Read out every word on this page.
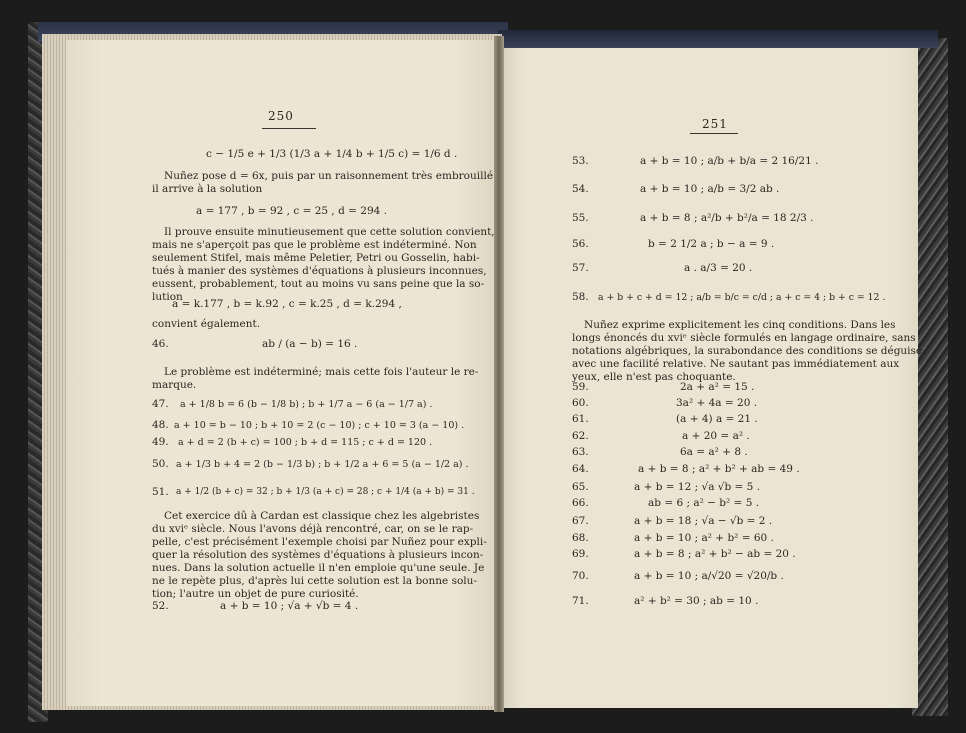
250
c − 1/5 e + 1/3 (1/3 a + 1/4 b + 1/5 c) = 1/6 d .
Nuñez pose d = 6x, puis par un raisonnement très embrouillé
il arrive à la solution
a = 177 , b = 92 , c = 25 , d = 294 .
Il prouve ensuite minutieusement que cette solution convient,
mais ne s'aperçoit pas que le problème est indéterminé. Non
seulement Stifel, mais même Peletier, Petri ou Gosselin, habi-
tués à manier des systèmes d'équations à plusieurs inconnues,
eussent, probablement, tout au moins vu sans peine que la so-
lution
a = k.177 , b = k.92 , c = k.25 , d = k.294 ,
convient également.
46.	ab / (a − b) = 16 .
Le problème est indéterminé; mais cette fois l'auteur le re-
marque.
47. a + 1/8 b = 6 (b − 1/8 b) ; b + 1/7 a − 6 (a − 1/7 a) .
48. a + 10 = b − 10 ; b + 10 = 2 (c − 10) ; c + 10 = 3 (a − 10) .
49. a + d = 2 (b + c) = 100 ; b + d = 115 ; c + d = 120 .
50. a + 1/3 b + 4 = 2 (b − 1/3 b) ; b + 1/2 a + 6 = 5 (a − 1/2 a) .
51. a + 1/2 (b + c) = 32 ; b + 1/3 (a + c) = 28 ; c + 1/4 (a + b) = 31 .
Cet exercice dû à Cardan est classique chez les algebristes
du xviᵉ siècle. Nous l'avons déjà rencontré, car, on se le rap-
pelle, c'est précisément l'exemple choisi par Nuñez pour expli-
quer la résolution des systèmes d'équations à plusieurs incon-
nues. Dans la solution actuelle il n'en emploie qu'une seule. Je
ne le repète plus, d'après lui cette solution est la bonne solu-
tion; l'autre un objet de pure curiosité.
52.	a + b = 10 ; √a + √b = 4 .
251
53.	a + b = 10 ; a/b + b/a = 2 16/21 .
54.	a + b = 10 ; a/b = 3/2 ab .
55.	a + b = 8 ; a²/b + b²/a = 18 2/3 .
56.	b = 2 1/2 a ; b − a = 9 .
57.	a . a/3 = 20 .
58. a + b + c + d = 12 ; a/b = b/c = c/d ; a + c = 4 ; b + c = 12 .
Nuñez exprime explicitement les cinq conditions. Dans les
longs énoncés du xviᵉ siècle formulés en langage ordinaire, sans
notations algébriques, la surabondance des conditions se déguise
avec une facilité relative. Ne sautant pas immédiatement aux
yeux, elle n'est pas choquante.
59.	2a + a² = 15 .
60.	3a² + 4a = 20 .
61.	(a + 4) a = 21 .
62.	a + 20 = a² .
63.	6a = a² + 8 .
64.	a + b = 8 ; a² + b² + ab = 49 .
65.	a + b = 12 ; √a √b = 5 .
66.	ab = 6 ; a² − b² = 5 .
67.	a + b = 18 ; √a − √b = 2 .
68.	a + b = 10 ; a² + b² = 60 .
69.	a + b = 8 ; a² + b² − ab = 20 .
70.	a + b = 10 ; a/√20 = √20/b .
71.	a² + b² = 30 ; ab = 10 .
